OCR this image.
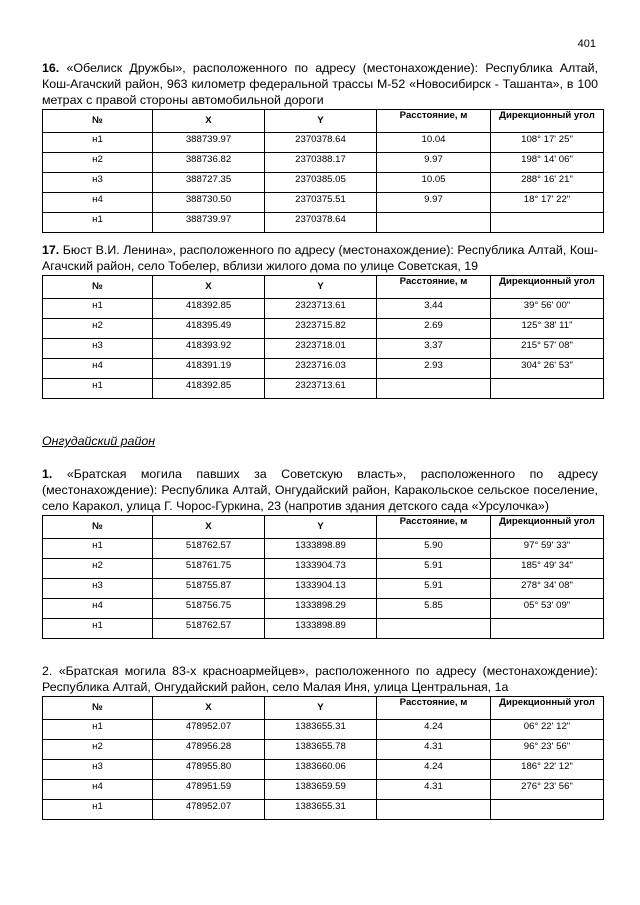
401

16. «Обелиск Дружбы», расположенного по адресу (местонахождение): Республика Алтай, Кош-Агачский район, 963 километр федеральной трассы М-52 «Новосибирск - Ташанта», в 100 метрах с правой стороны автомобильной дороги

№	X	Y	Расстояние, м	Дирекционный угол
н1	388739.97	2370378.64	10.04	108° 17' 25"
н2	388736.82	2370388.17	9.97	198° 14' 06"
н3	388727.35	2370385.05	10.05	288° 16' 21"
н4	388730.50	2370375.51	9.97	18° 17' 22"
н1	388739.97	2370378.64		

17. Бюст В.И. Ленина», расположенного по адресу (местонахождение): Республика Алтай, Кош-Агачский район, село Тобелер, вблизи жилого дома по улице Советская, 19

№	X	Y	Расстояние, м	Дирекционный угол
н1	418392.85	2323713.61	3.44	39° 56' 00"
н2	418395.49	2323715.82	2.69	125° 38' 11"
н3	418393.92	2323718.01	3.37	215° 57' 08"
н4	418391.19	2323716.03	2.93	304° 26' 53"
н1	418392.85	2323713.61		
Онгудайский район

1. «Братская могила павших за Советскую власть», расположенного по адресу (местонахождение): Республика Алтай, Онгудайский район, Каракольское сельское поселение, село Каракол, улица Г. Чорос-Гуркина, 23 (напротив здания детского сада «Урсулочка»)

№	X	Y	Расстояние, м	Дирекционный угол
н1	518762.57	1333898.89	5.90	97° 59' 33"
н2	518761.75	1333904.73	5.91	185° 49' 34"
н3	518755.87	1333904.13	5.91	278° 34' 08"
н4	518756.75	1333898.29	5.85	05° 53' 09"
н1	518762.57	1333898.89		

2. «Братская могила 83-х красноармейцев», расположенного по адресу (местонахождение): Республика Алтай, Онгудайский район, село Малая Иня, улица Центральная, 1а

№	X	Y	Расстояние, м	Дирекционный угол
н1	478952.07	1383655.31	4.24	06° 22' 12"
н2	478956.28	1383655.78	4.31	96° 23' 56"
н3	478955.80	1383660.06	4.24	186° 22' 12"
н4	478951.59	1383659.59	4.31	276° 23' 56"
н1	478952.07	1383655.31		
